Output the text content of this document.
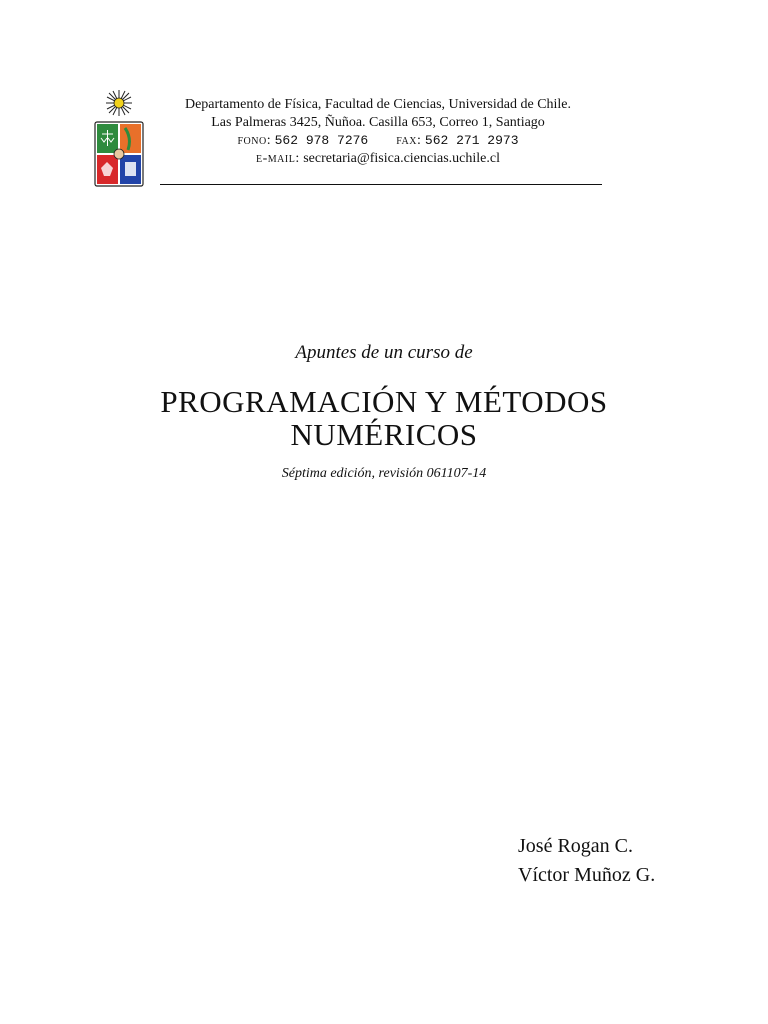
Departamento de Física, Facultad de Ciencias, Universidad de Chile.
Las Palmeras 3425, Ñuñoa. Casilla 653, Correo 1, Santiago
fono: 562 978 7276 fax: 562 271 2973
e-mail: secretaria@fisica.ciencias.uchile.cl
Apuntes de un curso de
PROGRAMACIÓN Y MÉTODOS
NUMÉRICOS
Séptima edición, revisión 061107-14
José Rogan C.
Víctor Muñoz G.
